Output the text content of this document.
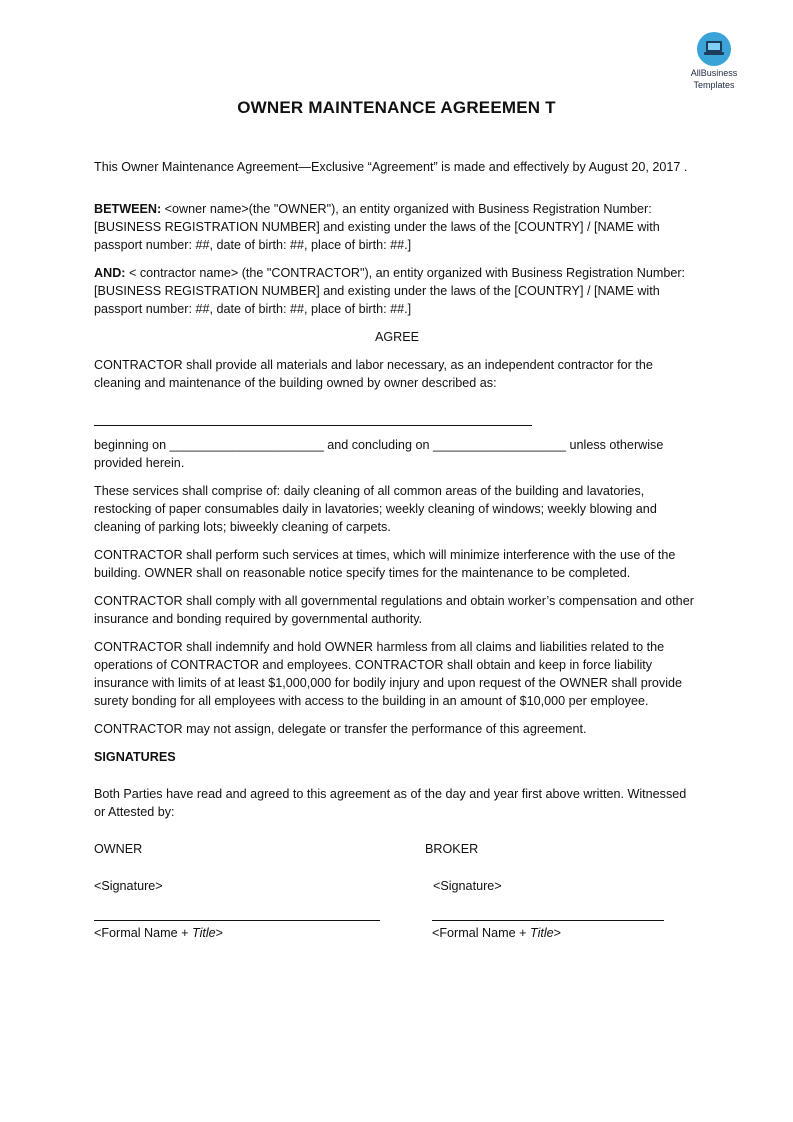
AllBusiness
Templates
OWNER MAINTENANCE AGREEMEN T

This Owner Maintenance Agreement—Exclusive “Agreement” is made and effectively by August 20, 2017 .

BETWEEN: <owner name>(the "OWNER"), an entity organized with Business Registration Number: [BUSINESS REGISTRATION NUMBER] and existing under the laws of the [COUNTRY] / [NAME with passport number: ##, date of birth: ##, place of birth: ##.]

AND: < contractor name> (the "CONTRACTOR"), an entity organized with Business Registration Number: [BUSINESS REGISTRATION NUMBER] and existing under the laws of the [COUNTRY] / [NAME with passport number: ##, date of birth: ##, place of birth: ##.]

AGREE

CONTRACTOR shall provide all materials and labor necessary, as an independent contractor for the cleaning and maintenance of the building owned by owner described as:

beginning on ______________________ and concluding on ___________________ unless otherwise provided herein.

These services shall comprise of: daily cleaning of all common areas of the building and lavatories, restocking of paper consumables daily in lavatories; weekly cleaning of windows; weekly blowing and cleaning of parking lots; biweekly cleaning of carpets.

CONTRACTOR shall perform such services at times, which will minimize interference with the use of the building. OWNER shall on reasonable notice specify times for the maintenance to be completed.

CONTRACTOR shall comply with all governmental regulations and obtain worker’s compensation and other insurance and bonding required by governmental authority.

CONTRACTOR shall indemnify and hold OWNER harmless from all claims and liabilities related to the operations of CONTRACTOR and employees. CONTRACTOR shall obtain and keep in force liability insurance with limits of at least $1,000,000 for bodily injury and upon request of the OWNER shall provide surety bonding for all employees with access to the building in an amount of $10,000 per employee.

CONTRACTOR may not assign, delegate or transfer the performance of this agreement.

SIGNATURES

Both Parties have read and agreed to this agreement as of the day and year first above written. Witnessed or Attested by:

OWNER	BROKER
<Signature>	<Signature>
<Formal Name + Title>	<Formal Name + Title>
